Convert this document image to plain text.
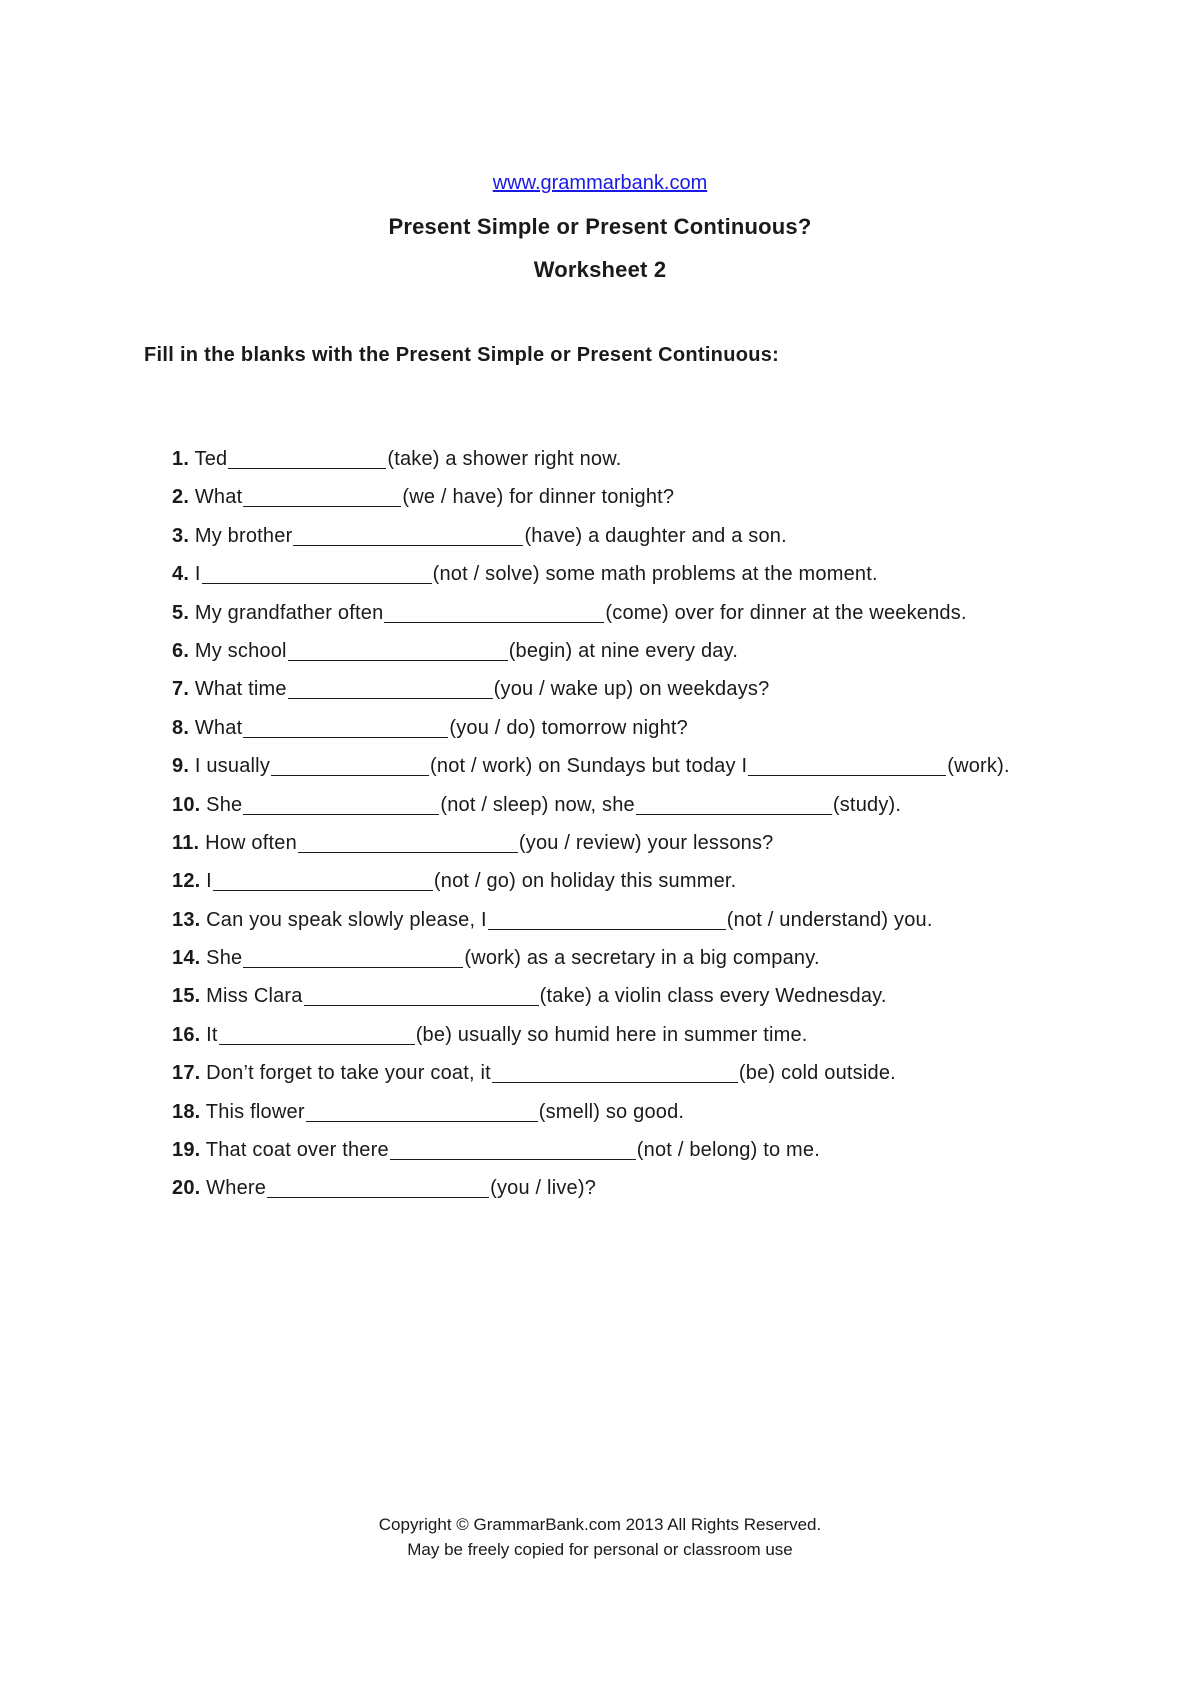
www.grammarbank.com
Present Simple or Present Continuous?
Worksheet 2
Fill in the blanks with the Present Simple or Present Continuous:
1. Ted	(take) a shower right now.
2. What	(we / have) for dinner tonight?
3. My brother	(have) a daughter and a son.
4. I	(not / solve) some math problems at the moment.
5. My grandfather often	(come) over for dinner at the weekends.
6. My school	(begin) at nine every day.
7. What time	(you / wake up) on weekdays?
8. What	(you / do) tomorrow night?
9. I usually	(not / work) on Sundays but today I	(work).
10. She	(not / sleep) now, she	(study).
11. How often	(you / review) your lessons?
12. I	(not / go) on holiday this summer.
13. Can you speak slowly please, I	(not / understand) you.
14. She	(work) as a secretary in a big company.
15. Miss Clara	(take) a violin class every Wednesday.
16. It	(be) usually so humid here in summer time.
17. Don’t forget to take your coat, it	(be) cold outside.
18. This flower	(smell) so good.
19. That coat over there	(not / belong) to me.
20. Where	(you / live)?
Copyright © GrammarBank.com 2013 All Rights Reserved.
May be freely copied for personal or classroom use
